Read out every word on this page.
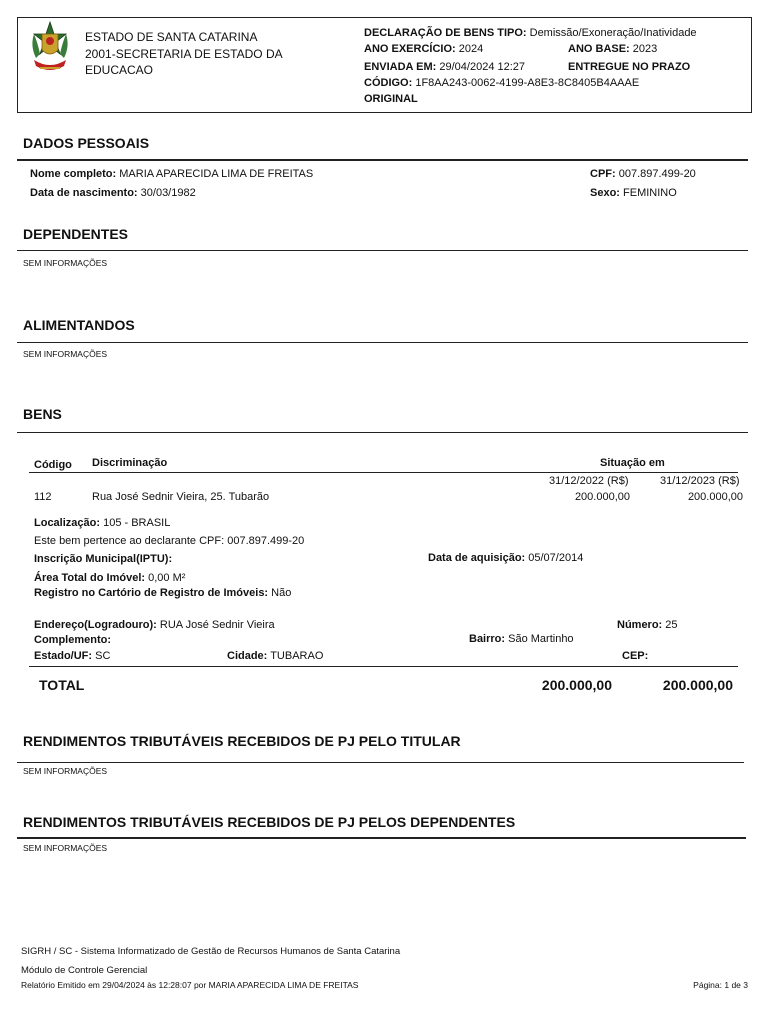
ESTADO DE SANTA CATARINA
2001-SECRETARIA DE ESTADO DA EDUCACAO
DECLARAÇÃO DE BENS TIPO: Demissão/Exoneração/Inatividade
ANO EXERCÍCIO: 2024	ANO BASE: 2023
ENVIADA EM: 29/04/2024 12:27	ENTREGUE NO PRAZO
CÓDIGO: 1F8AA243-0062-4199-A8E3-8C8405B4AAAE
ORIGINAL
DADOS PESSOAIS
Nome completo: MARIA APARECIDA LIMA DE FREITAS	CPF: 007.897.499-20
Data de nascimento: 30/03/1982	Sexo: FEMININO
DEPENDENTES
SEM INFORMAÇÕES
ALIMENTANDOS
SEM INFORMAÇÕES
BENS
Código Discriminação	Situação em
31/12/2022 (R$)	31/12/2023 (R$)
112	Rua José Sednir Vieira, 25. Tubarão	200.000,00	200.000,00
Localização: 105 - BRASIL
Este bem pertence ao declarante CPF: 007.897.499-20
Inscrição Municipal(IPTU):	Data de aquisição: 05/07/2014
Área Total do Imóvel: 0,00 M²
Registro no Cartório de Registro de Imóveis: Não
Endereço(Logradouro): RUA José Sednir Vieira	Número: 25
Complemento:	Bairro: São Martinho
Estado/UF: SC	Cidade: TUBARAO	CEP:
TOTAL	200.000,00	200.000,00
RENDIMENTOS TRIBUTÁVEIS RECEBIDOS DE PJ PELO TITULAR
SEM INFORMAÇÕES
RENDIMENTOS TRIBUTÁVEIS RECEBIDOS DE PJ PELOS DEPENDENTES
SEM INFORMAÇÕES
SIGRH / SC - Sistema Informatizado de Gestão de Recursos Humanos de Santa Catarina
Módulo de Controle Gerencial
Relatório Emitido em 29/04/2024 às 12:28:07 por MARIA APARECIDA LIMA DE FREITAS	Página: 1 de 3
